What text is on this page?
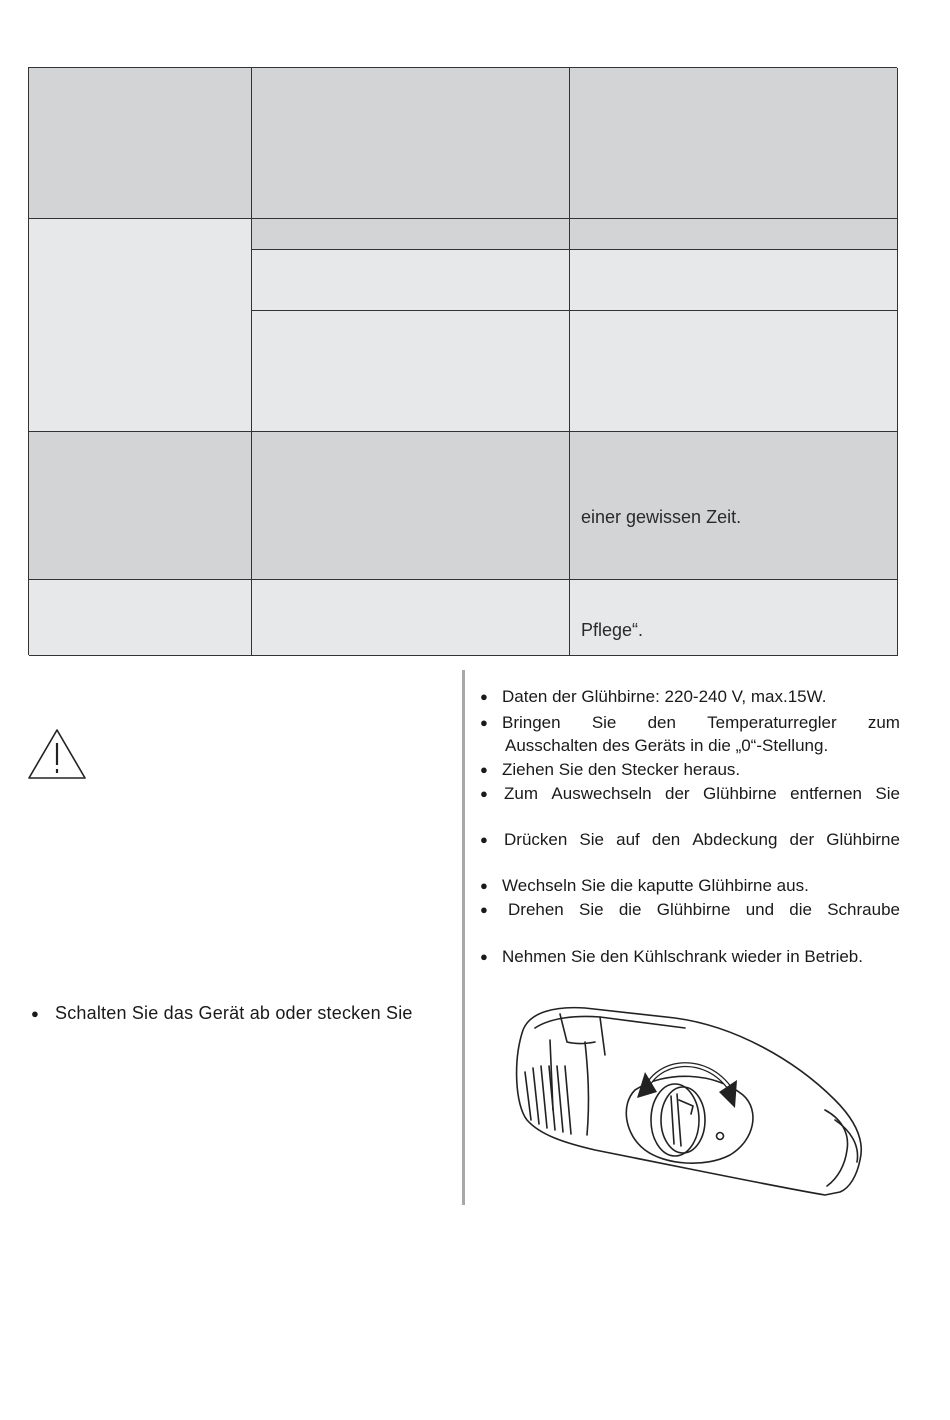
einer gewissen Zeit.
Pflege“.
● Schalten Sie das Gerät ab oder stecken Sie
● Daten der Glühbirne: 220-240 V, max.15W.
● Bringen Sie den Temperaturregler zum
Ausschalten des Geräts in die „0“-Stellung.
● Ziehen Sie den Stecker heraus.
● Zum Auswechseln der Glühbirne entfernen Sie
● Drücken Sie auf den Abdeckung der Glühbirne
● Wechseln Sie die kaputte Glühbirne aus.
●	Drehen Sie die Glühbirne und die Schraube
● Nehmen Sie den Kühlschrank wieder in Betrieb.
